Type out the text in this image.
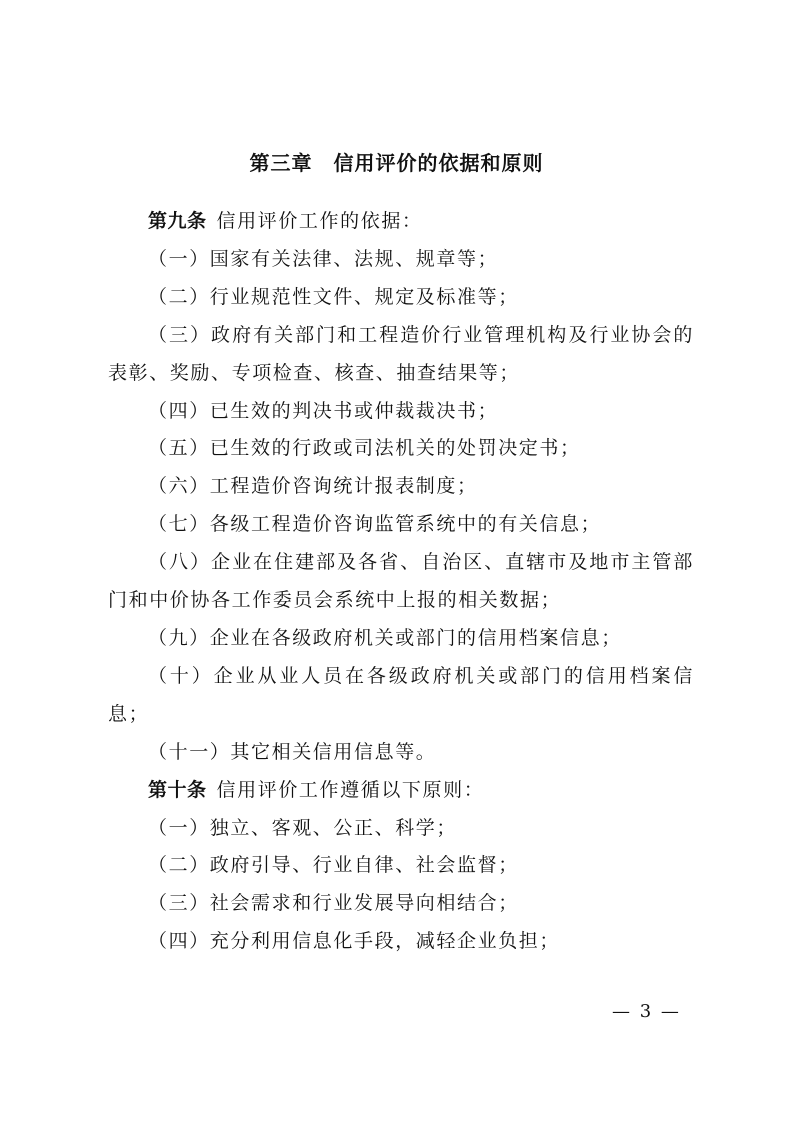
第三章　信用评价的依据和原则

第九条 信用评价工作的依据：

（一）国家有关法律、法规、规章等；

（二）行业规范性文件、规定及标准等；

（三）政府有关部门和工程造价行业管理机构及行业协会的表彰、奖励、专项检查、核查、抽查结果等；

（四）已生效的判决书或仲裁裁决书；

（五）已生效的行政或司法机关的处罚决定书；

（六）工程造价咨询统计报表制度；

（七）各级工程造价咨询监管系统中的有关信息；

（八）企业在住建部及各省、自治区、直辖市及地市主管部门和中价协各工作委员会系统中上报的相关数据；

（九）企业在各级政府机关或部门的信用档案信息；

（十）企业从业人员在各级政府机关或部门的信用档案信息；

（十一）其它相关信用信息等。

第十条 信用评价工作遵循以下原则：

（一）独立、客观、公正、科学；

（二）政府引导、行业自律、社会监督；

（三）社会需求和行业发展导向相结合；

（四）充分利用信息化手段，减轻企业负担；

— 3 —
